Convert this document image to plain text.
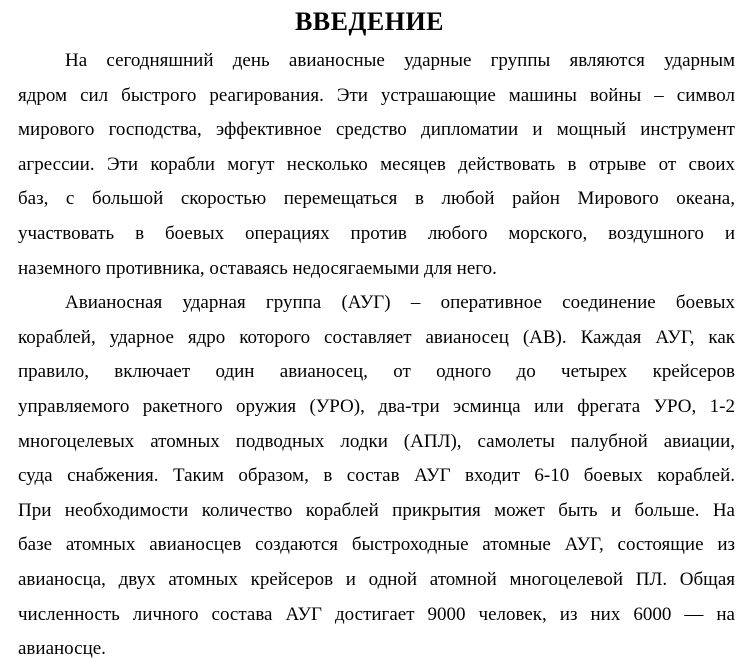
ВВЕДЕНИЕ
На сегодняшний день авианосные ударные группы являются ударным
ядром сил быстрого реагирования. Эти устрашающие машины войны – символ
мирового господства, эффективное средство дипломатии и мощный инструмент
агрессии. Эти корабли могут несколько месяцев действовать в отрыве от своих
баз, с большой скоростью перемещаться в любой район Мирового океана,
участвовать в боевых операциях против любого морского, воздушного и
наземного противника, оставаясь недосягаемыми для него.
Авианосная ударная группа (АУГ) – оперативное соединение боевых
кораблей, ударное ядро которого составляет авианосец (АВ). Каждая АУГ, как
правило, включает один авианосец, от одного до четырех крейсеров
управляемого ракетного оружия (УРО), два-три эсминца или фрегата УРО, 1-2
многоцелевых атомных подводных лодки (АПЛ), самолеты палубной авиации,
суда снабжения. Таким образом, в состав АУГ входит 6-10 боевых кораблей.
При необходимости количество кораблей прикрытия может быть и больше. На
базе атомных авианосцев создаются быстроходные атомные АУГ, состоящие из
авианосца, двух атомных крейсеров и одной атомной многоцелевой ПЛ. Общая
численность личного состава АУГ достигает 9000 человек, из них 6000 — на
авианосце.
